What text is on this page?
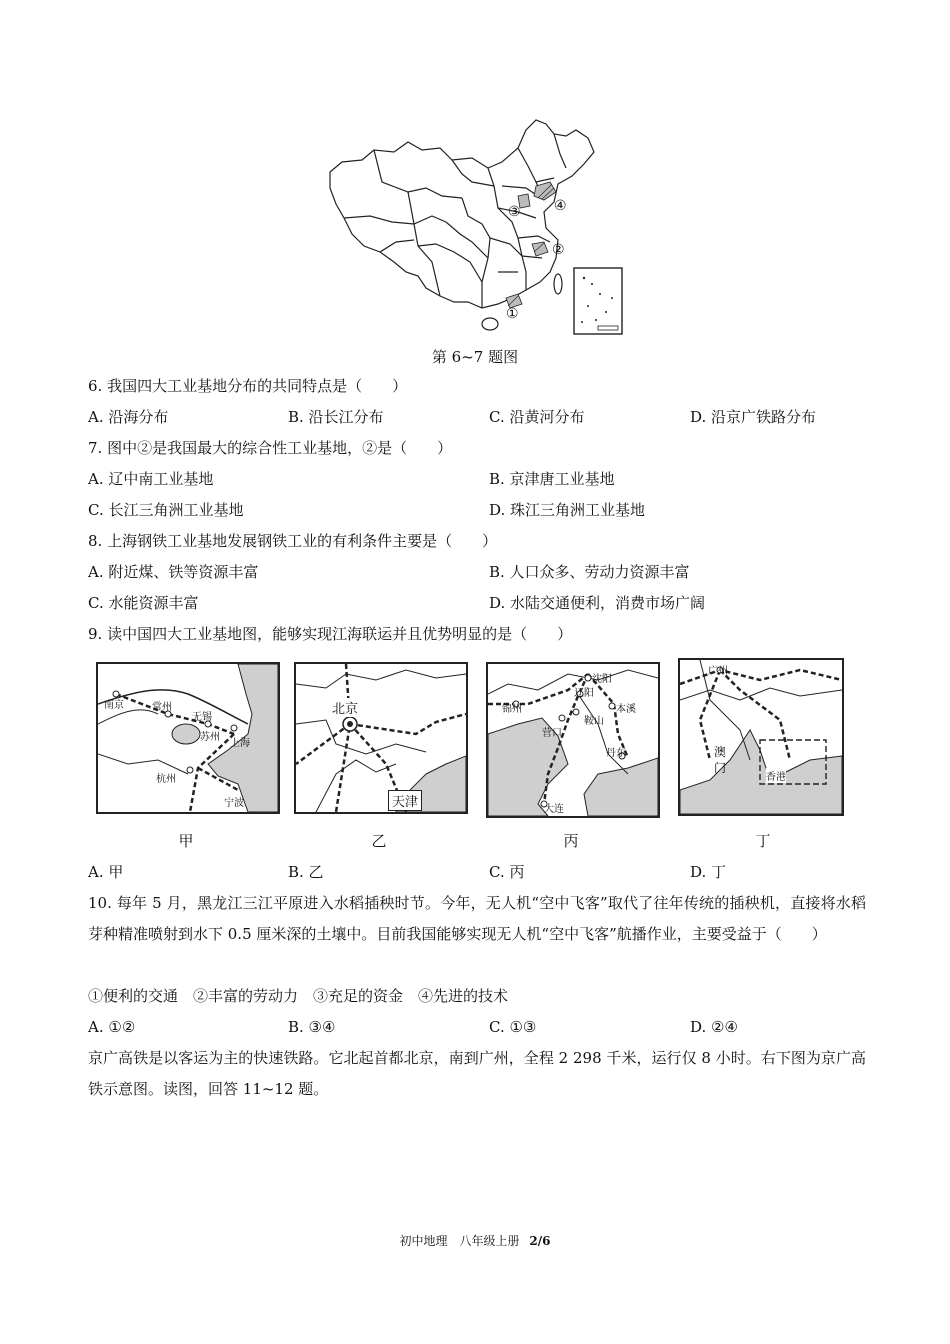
④
③
②
①
第 6~7 题图
6. 我国四大工业基地分布的共同特点是（　　）
A. 沿海分布	B. 沿长江分布	C. 沿黄河分布	D. 沿京广铁路分布
7. 图中②是我国最大的综合性工业基地，②是（　　）
A. 辽中南工业基地	B. 京津唐工业基地
C. 长江三角洲工业基地	D. 珠江三角洲工业基地
8. 上海钢铁工业基地发展钢铁工业的有利条件主要是（　　）
A. 附近煤、铁等资源丰富	B. 人口众多、劳动力资源丰富
C. 水能资源丰富	D. 水陆交通便利，消费市场广阔
9. 读中国四大工业基地图，能够实现江海联运并且优势明显的是（　　）
南京	常州
无锡
苏州
上海
杭州
宁波
北京
天津
锦州
沈阳
辽阳
本溪
鞍山
营口
丹东
大连
广州
澳门
香港
甲	乙	丙	丁
A. 甲	B. 乙	C. 丙	D. 丁
10. 每年 5 月，黑龙江三江平原进入水稻插秧时节。今年，无人机“空中飞客”取代了往年传统的插秧机，直接将水稻芽种精准喷射到水下 0.5 厘米深的土壤中。目前我国能够实现无人机“空中飞客”航播作业，主要受益于（　　）
①便利的交通　②丰富的劳动力　③充足的资金　④先进的技术
A. ①②	B. ③④	C. ①③	D. ②④
京广高铁是以客运为主的快速铁路。它北起首都北京，南到广州，全程 2 298 千米，运行仅 8 小时。右下图为京广高铁示意图。读图，回答 11~12 题。
初中地理　八年级上册 2/6
